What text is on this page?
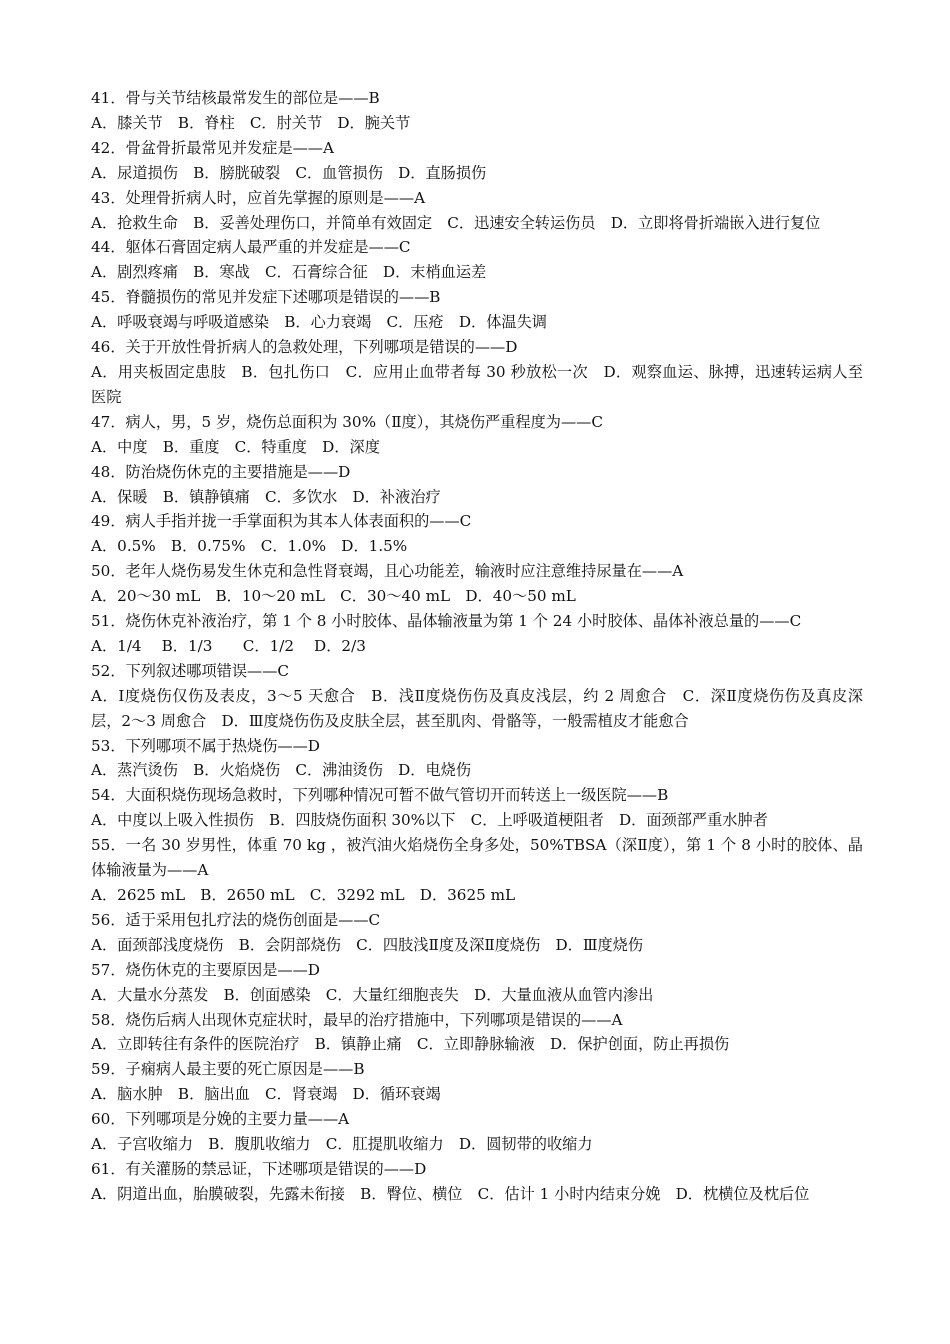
41．骨与关节结核最常发生的部位是——B

A．膝关节　B．脊柱　C．肘关节　D．腕关节

42．骨盆骨折最常见并发症是——A

A．尿道损伤　B．膀胱破裂　C．血管损伤　D．直肠损伤

43．处理骨折病人时，应首先掌握的原则是——A

A．抢救生命　B．妥善处理伤口，并简单有效固定　C．迅速安全转运伤员　D．立即将骨折端嵌入进行复位

44．躯体石膏固定病人最严重的并发症是——C

A．剧烈疼痛　B．寒战　C．石膏综合征　D．末梢血运差

45．脊髓损伤的常见并发症下述哪项是错误的——B

A．呼吸衰竭与呼吸道感染　B．心力衰竭　C．压疮　D．体温失调

46．关于开放性骨折病人的急救处理，下列哪项是错误的——D

A．用夹板固定患肢　B．包扎伤口　C．应用止血带者每 30 秒放松一次　D．观察血运、脉搏，迅速转运病人至医院

47．病人，男，5 岁，烧伤总面积为 30%（Ⅱ度），其烧伤严重程度为——C

A．中度　B．重度　C．特重度　D．深度

48．防治烧伤休克的主要措施是——D

A．保暖　B．镇静镇痛　C．多饮水　D．补液治疗

49．病人手指并拢一手掌面积为其本人体表面积的——C

A．0.5%　B．0.75%　C．1.0%　D．1.5%

50．老年人烧伤易发生休克和急性肾衰竭，且心功能差，输液时应注意维持尿量在——A

A．20～30 mL　B．10～20 mL　C．30～40 mL　D．40～50 mL

51．烧伤休克补液治疗，第 1 个 8 小时胶体、晶体输液量为第 1 个 24 小时胶体、晶体补液总量的——C

A．1/4　 B．1/3　　C．1/2　 D．2/3

52．下列叙述哪项错误——C

A．Ⅰ度烧伤仅伤及表皮，3～5 天愈合　B．浅Ⅱ度烧伤伤及真皮浅层，约 2 周愈合　C．深Ⅱ度烧伤伤及真皮深层，2～3 周愈合　D．Ⅲ度烧伤伤及皮肤全层，甚至肌肉、骨骼等，一般需植皮才能愈合

53．下列哪项不属于热烧伤——D

A．蒸汽烫伤　B．火焰烧伤　C．沸油烫伤　D．电烧伤

54．大面积烧伤现场急救时，下列哪种情况可暂不做气管切开而转送上一级医院——B

A．中度以上吸入性损伤　B．四肢烧伤面积 30%以下　C．上呼吸道梗阻者　D．面颈部严重水肿者

55．一名 30 岁男性，体重 70 kg ，被汽油火焰烧伤全身多处，50%TBSA（深Ⅱ度），第 1 个 8 小时的胶体、晶体输液量为——A

A．2625 mL　B．2650 mL　C．3292 mL　D．3625 mL

56．适于采用包扎疗法的烧伤创面是——C

A．面颈部浅度烧伤　B．会阴部烧伤　C．四肢浅Ⅱ度及深Ⅱ度烧伤　D．Ⅲ度烧伤

57．烧伤休克的主要原因是——D

A．大量水分蒸发　B．创面感染　C．大量红细胞丧失　D．大量血液从血管内渗出

58．烧伤后病人出现休克症状时，最早的治疗措施中，下列哪项是错误的——A

A．立即转往有条件的医院治疗　B．镇静止痛　C．立即静脉输液　D．保护创面，防止再损伤

59．子痫病人最主要的死亡原因是——B

A．脑水肿　B．脑出血　C．肾衰竭　D．循环衰竭

60．下列哪项是分娩的主要力量——A

A．子宫收缩力　B．腹肌收缩力　C．肛提肌收缩力　D．圆韧带的收缩力

61．有关灌肠的禁忌证，下述哪项是错误的——D

A．阴道出血，胎膜破裂，先露未衔接　B．臀位、横位　C．估计 1 小时内结束分娩　D．枕横位及枕后位
